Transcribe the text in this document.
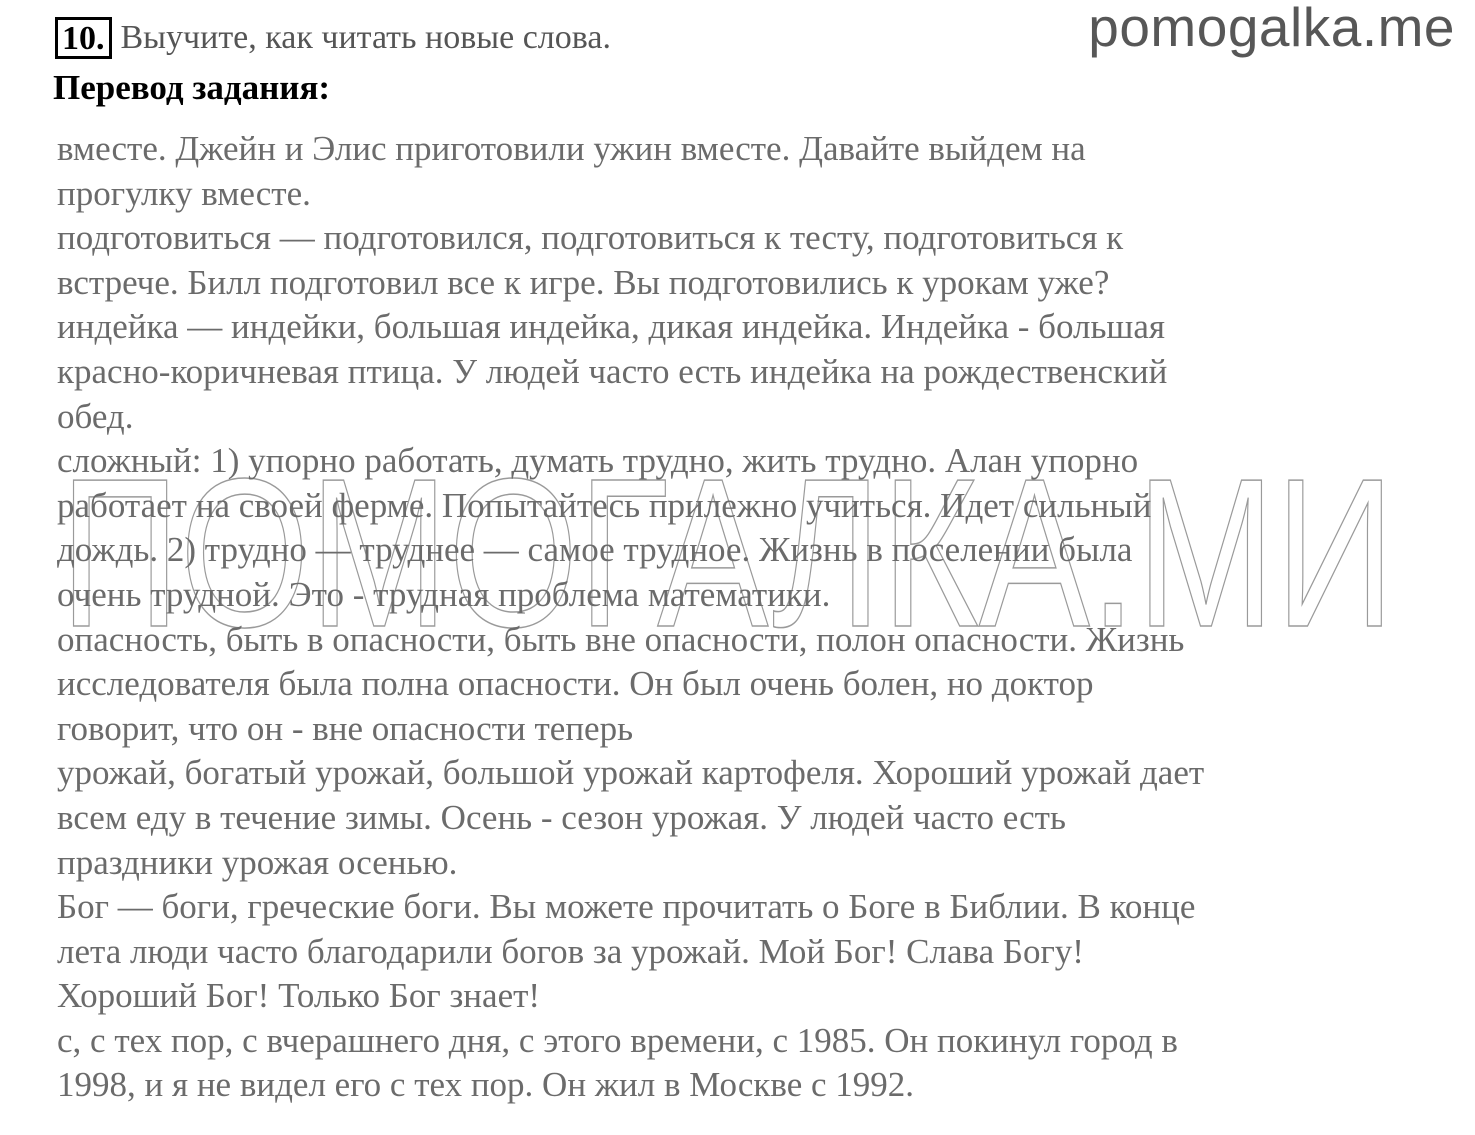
pomogalka.me
10. Выучите, как читать новые слова.
Перевод задания:
ПОМОГАЛКА.МИ
вместе. Джейн и Элис приготовили ужин вместе. Давайте выйдем на
прогулку вместе.
подготовиться — подготовился, подготовиться к тесту, подготовиться к
встрече. Билл подготовил все к игре. Вы подготовились к урокам уже?
индейка — индейки, большая индейка, дикая индейка. Индейка - большая
красно-коричневая птица. У людей часто есть индейка на рождественский
обед.
сложный: 1) упорно работать, думать трудно, жить трудно. Алан упорно
работает на своей ферме. Попытайтесь прилежно учиться. Идет сильный
дождь. 2) трудно — труднее — самое трудное. Жизнь в поселении была
очень трудной. Это - трудная проблема математики.
опасность, быть в опасности, быть вне опасности, полон опасности. Жизнь
исследователя была полна опасности. Он был очень болен, но доктор
говорит, что он - вне опасности теперь
урожай, богатый урожай, большой урожай картофеля. Хороший урожай дает
всем еду в течение зимы. Осень - сезон урожая. У людей часто есть
праздники урожая осенью.
Бог — боги, греческие боги. Вы можете прочитать о Боге в Библии. В конце
лета люди часто благодарили богов за урожай. Мой Бог! Слава Богу!
Хороший Бог! Только Бог знает!
с, с тех пор, с вчерашнего дня, с этого времени, с 1985. Он покинул город в
1998, и я не видел его с тех пор. Он жил в Москве с 1992.
